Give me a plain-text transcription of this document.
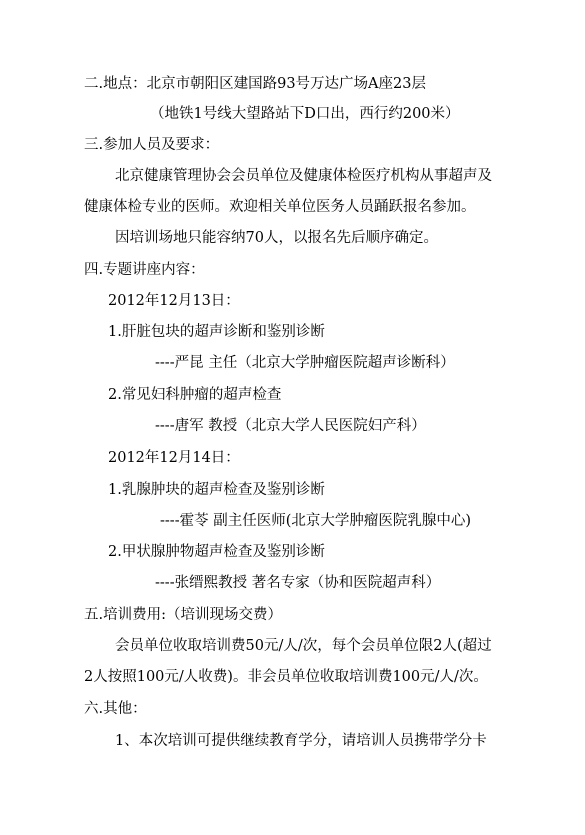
二.地点：北京市朝阳区建国路93号万达广场A座23层
（地铁1号线大望路站下D口出，西行约200米）
三.参加人员及要求：
北京健康管理协会会员单位及健康体检医疗机构从事超声及
健康体检专业的医师。欢迎相关单位医务人员踊跃报名参加。
因培训场地只能容纳70人，以报名先后顺序确定。
四.专题讲座内容：
2012年12月13日：
1.肝脏包块的超声诊断和鉴别诊断
----严昆 主任（北京大学肿瘤医院超声诊断科）
2.常见妇科肿瘤的超声检查
----唐军 教授（北京大学人民医院妇产科）
2012年12月14日：
1.乳腺肿块的超声检查及鉴别诊断
----霍苓 副主任医师(北京大学肿瘤医院乳腺中心)
2.甲状腺肿物超声检查及鉴别诊断
----张缙熙教授 著名专家（协和医院超声科）
五.培训费用:（培训现场交费）
会员单位收取培训费50元/人/次，每个会员单位限2人(超过
2人按照100元/人收费)。非会员单位收取培训费100元/人/次。
六.其他：
1、本次培训可提供继续教育学分，请培训人员携带学分卡
